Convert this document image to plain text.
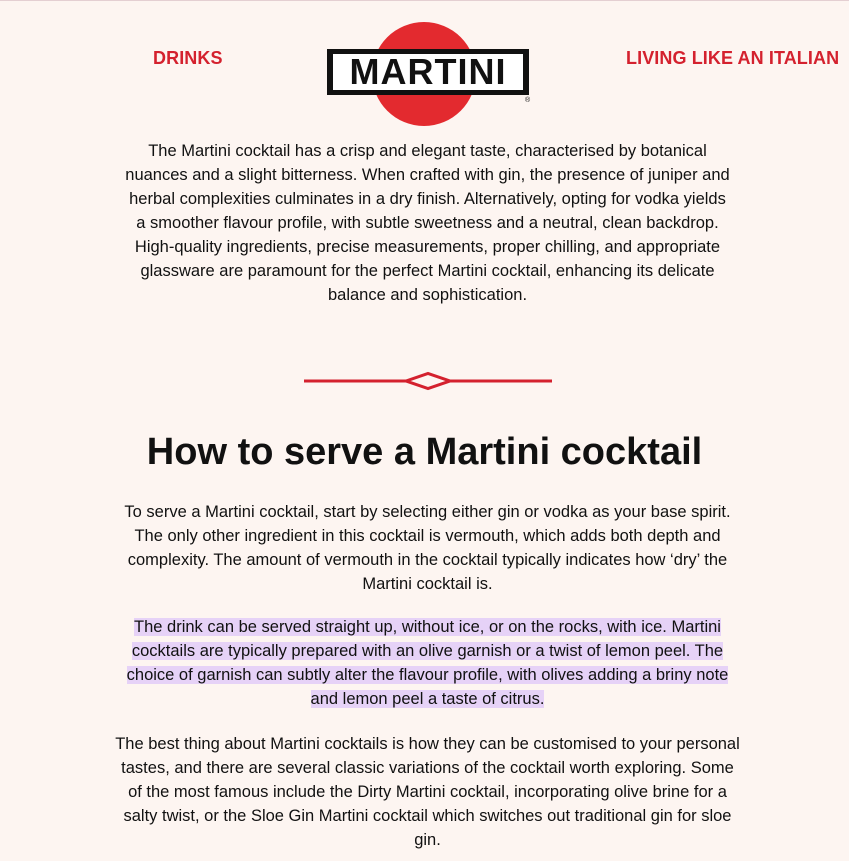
DRINKS	MARTINI
®
LIVING LIKE AN ITALIAN

The Martini cocktail has a crisp and elegant taste, characterised by botanical nuances and a slight bitterness. When crafted with gin, the presence of juniper and herbal complexities culminates in a dry finish. Alternatively, opting for vodka yields a smoother flavour profile, with subtle sweetness and a neutral, clean backdrop. High-quality ingredients, precise measurements, proper chilling, and appropriate glassware are paramount for the perfect Martini cocktail, enhancing its delicate balance and sophistication.

How to serve a Martini cocktail

To serve a Martini cocktail, start by selecting either gin or vodka as your base spirit. The only other ingredient in this cocktail is vermouth, which adds both depth and complexity. The amount of vermouth in the cocktail typically indicates how ‘dry’ the Martini cocktail is.

The drink can be served straight up, without ice, or on the rocks, with ice. Martini cocktails are typically prepared with an olive garnish or a twist of lemon peel. The choice of garnish can subtly alter the flavour profile, with olives adding a briny note and lemon peel a taste of citrus.

The best thing about Martini cocktails is how they can be customised to your personal tastes, and there are several classic variations of the cocktail worth exploring. Some of the most famous include the Dirty Martini cocktail, incorporating olive brine for a salty twist, or the Sloe Gin Martini cocktail which switches out traditional gin for sloe gin.
